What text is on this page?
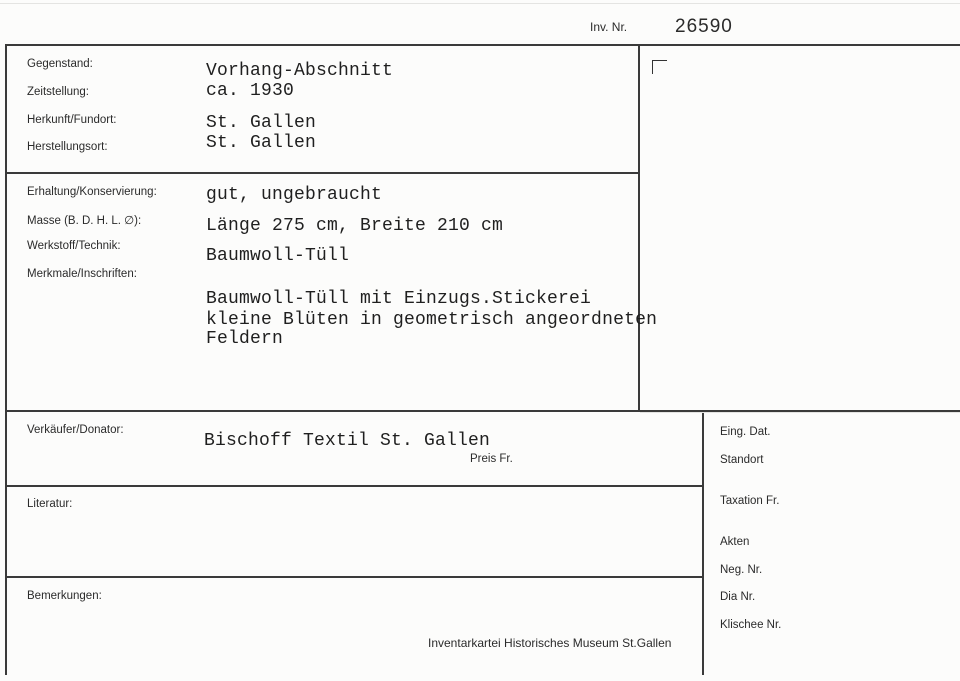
Inv. Nr.	26590
Gegenstand:
Zeitstellung:
Herkunft/Fundort:
Herstellungsort:
Vorhang-Abschnitt
ca. 1930
St. Gallen
St. Gallen
Erhaltung/Konservierung:
Masse (B. D. H. L. ∅):
Werkstoff/Technik:
Merkmale/Inschriften:
gut, ungebraucht
Länge 275 cm, Breite 210 cm
Baumwoll-Tüll
Baumwoll-Tüll mit Einzugs.Stickerei
kleine Blüten in geometrisch angeordneten
Feldern
Verkäufer/Donator:
Bischoff Textil St. Gallen
Preis Fr.
Literatur:
Bemerkungen:
Inventarkartei Historisches Museum St.Gallen
Eing. Dat.
Standort
Taxation Fr.
Akten
Neg. Nr.
Dia Nr.
Klischee Nr.
